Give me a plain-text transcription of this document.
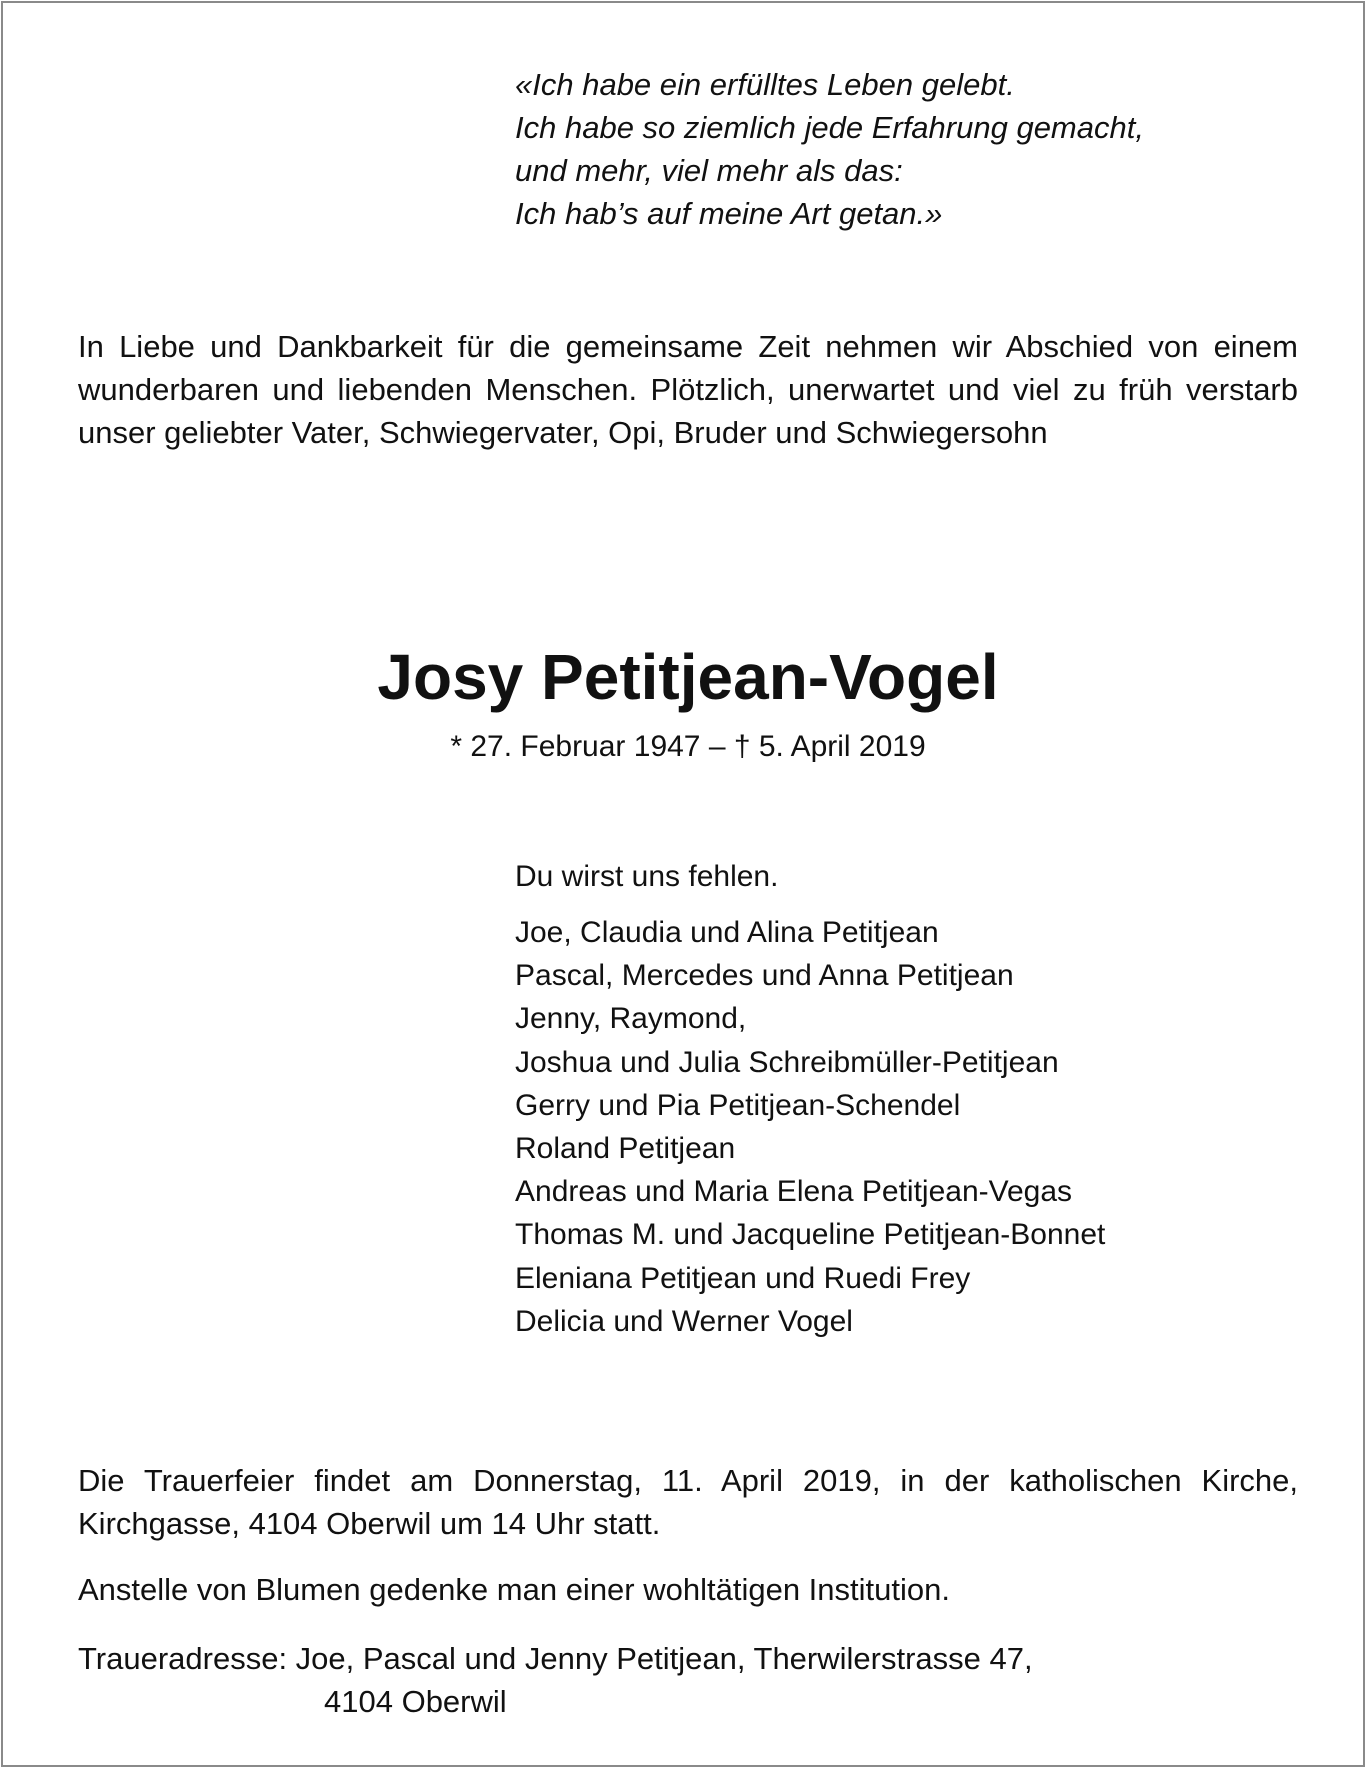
«Ich habe ein erfülltes Leben gelebt.
Ich habe so ziemlich jede Erfahrung gemacht,
und mehr, viel mehr als das:
Ich hab’s auf meine Art getan.»
In Liebe und Dankbarkeit für die gemeinsame Zeit nehmen wir Abschied von einem wunderbaren und liebenden Menschen. Plötzlich, unerwartet und viel zu früh verstarb unser geliebter Vater, Schwiegervater, Opi, Bruder und Schwiegersohn
Josy Petitjean-Vogel
* 27. Februar 1947 – † 5. April 2019
Du wirst uns fehlen.
Joe, Claudia und Alina Petitjean
Pascal, Mercedes und Anna Petitjean
Jenny, Raymond,
Joshua und Julia Schreibmüller-Petitjean
Gerry und Pia Petitjean-Schendel
Roland Petitjean
Andreas und Maria Elena Petitjean-Vegas
Thomas M. und Jacqueline Petitjean-Bonnet
Eleniana Petitjean und Ruedi Frey
Delicia und Werner Vogel
Die Trauerfeier findet am Donnerstag, 11. April 2019, in der katholischen Kirche, Kirchgasse, 4104 Oberwil um 14 Uhr statt.
Anstelle von Blumen gedenke man einer wohltätigen Institution.
Traueradresse: Joe, Pascal und Jenny Petitjean, Therwilerstrasse 47,
4104 Oberwil
